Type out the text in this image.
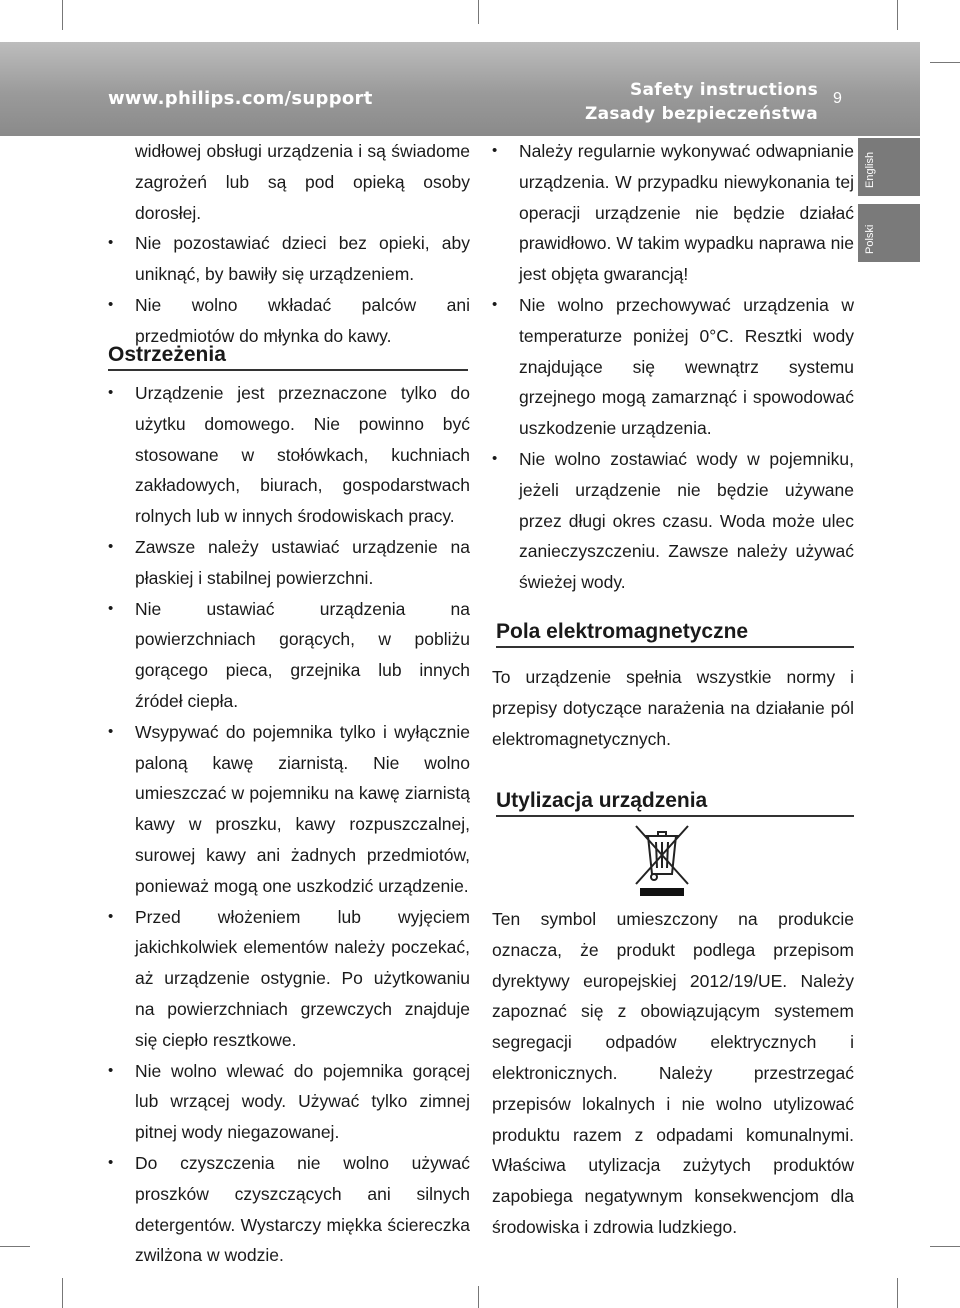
www.philips.com/support	Safety instructions
Zasady bezpieczeństwa
9
English
Polski

widłowej obsługi urządzenia i są świadome zagrożeń lub są pod opieką osoby dorosłej.

• Nie pozostawiać dzieci bez opieki, aby uniknąć, by bawiły się urządzeniem.
• Nie wolno wkładać palców ani przedmiotów do młynka do kawy.
Ostrzeżenia
• Urządzenie jest przeznaczone tylko do użytku domowego. Nie powinno być stosowane w stołówkach, kuchniach zakładowych, biurach, gospodarstwach rolnych lub w innych środowiskach pracy.
• Zawsze należy ustawiać urządzenie na płaskiej i stabilnej powierzchni.
• Nie ustawiać urządzenia na powierzchniach gorących, w pobliżu gorącego pieca, grzejnika lub innych źródeł ciepła.
• Wsypywać do pojemnika tylko i wyłącznie paloną kawę ziarnistą. Nie wolno umieszczać w pojemniku na kawę ziarnistą kawy w proszku, kawy rozpuszczalnej, surowej kawy ani żadnych przedmiotów, ponieważ mogą one uszkodzić urządzenie.
• Przed włożeniem lub wyjęciem jakichkolwiek elementów należy poczekać, aż urządzenie ostygnie. Po użytkowaniu na powierzchniach grzewczych znajduje się ciepło resztkowe.
• Nie wolno wlewać do pojemnika gorącej lub wrzącej wody. Używać tylko zimnej pitnej wody niegazowanej.
• Do czyszczenia nie wolno używać proszków czyszczących ani silnych detergentów. Wystarczy miękka ściereczka zwilżona w wodzie.
• Należy regularnie wykonywać odwapnianie urządzenia. W przypadku niewykonania tej operacji urządzenie nie będzie działać prawidłowo. W takim wypadku naprawa nie jest objęta gwarancją!
• Nie wolno przechowywać urządzenia w temperaturze poniżej 0°C. Resztki wody znajdujące się wewnątrz systemu grzejnego mogą zamarznąć i spowodować uszkodzenie urządzenia.
• Nie wolno zostawiać wody w pojemniku, jeżeli urządzenie nie będzie używane przez długi okres czasu. Woda może ulec zanieczyszczeniu. Zawsze należy używać świeżej wody.
Pola elektromagnetyczne

To urządzenie spełnia wszystkie normy i przepisy dotyczące narażenia na działanie pól elektromagnetycznych.

Utylizacja urządzenia

Ten symbol umieszczony na produkcie oznacza, że produkt podlega przepisom dyrektywy europejskiej 2012/19/UE. Należy zapoznać się z obowiązującym systemem segregacji odpadów elektrycznych i elektronicznych. Należy przestrzegać przepisów lokalnych i nie wolno utylizować produktu razem z odpadami komunalnymi. Właściwa utylizacja zużytych produktów zapobiega negatywnym konsekwencjom dla środowiska i zdrowia ludzkiego.
